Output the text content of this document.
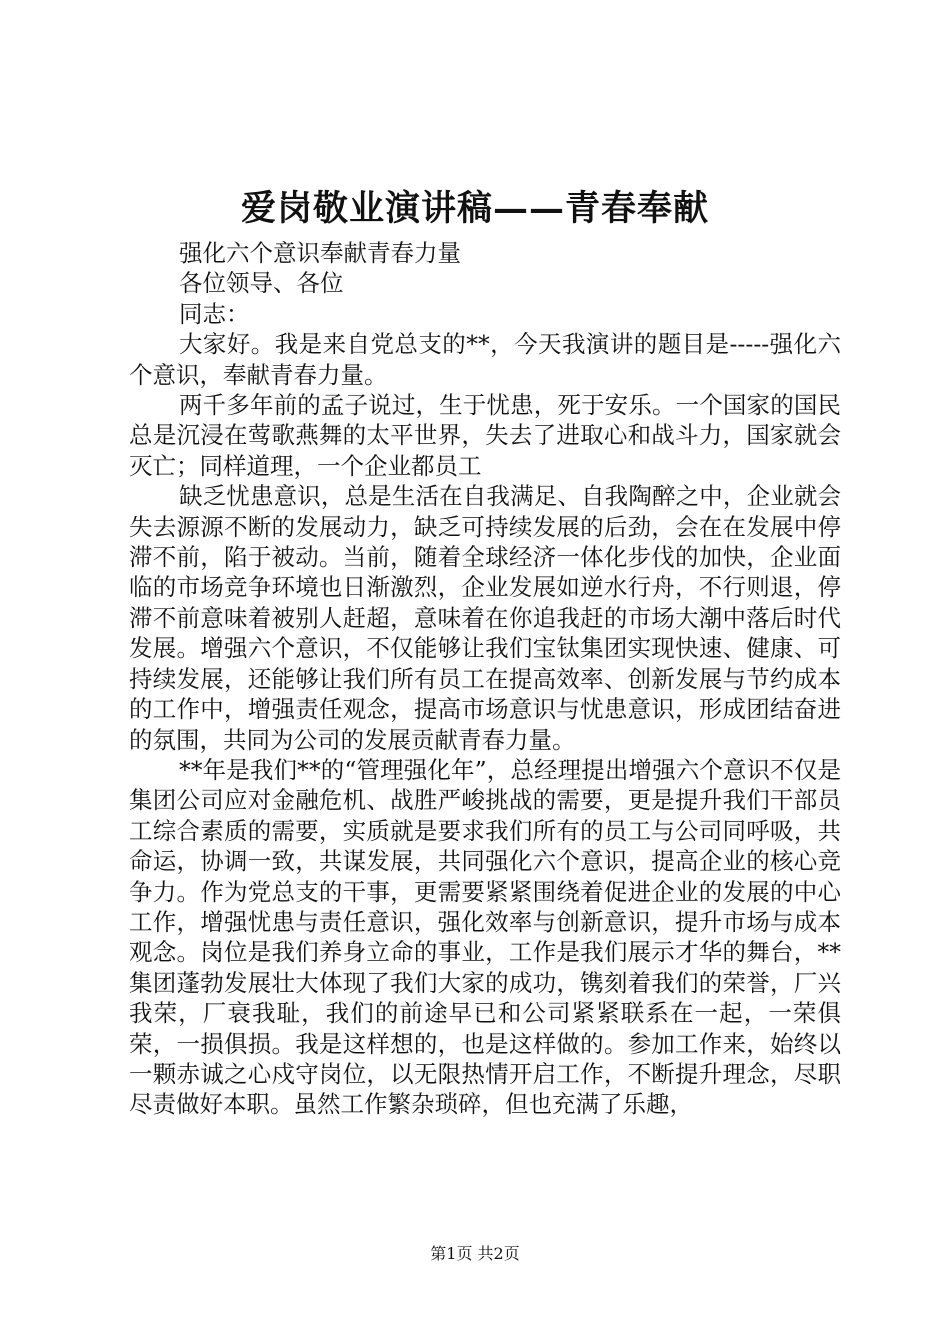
爱岗敬业演讲稿——青春奉献

强化六个意识奉献青春力量

各位领导、各位

同志：

大家好。我是来自党总支的**，今天我演讲的题目是-----强化六个意识，奉献青春力量。

两千多年前的孟子说过，生于忧患，死于安乐。一个国家的国民总是沉浸在莺歌燕舞的太平世界，失去了进取心和战斗力，国家就会灭亡；同样道理，一个企业都员工

缺乏忧患意识，总是生活在自我满足、自我陶醉之中，企业就会失去源源不断的发展动力，缺乏可持续发展的后劲，会在在发展中停滞不前，陷于被动。当前，随着全球经济一体化步伐的加快，企业面临的市场竞争环境也日渐激烈，企业发展如逆水行舟，不行则退，停滞不前意味着被别人赶超，意味着在你追我赶的市场大潮中落后时代发展。增强六个意识，不仅能够让我们宝钛集团实现快速、健康、可持续发展，还能够让我们所有员工在提高效率、创新发展与节约成本的工作中，增强责任观念，提高市场意识与忧患意识，形成团结奋进的氛围，共同为公司的发展贡献青春力量。

**年是我们**的“管理强化年”，总经理提出增强六个意识不仅是集团公司应对金融危机、战胜严峻挑战的需要，更是提升我们干部员工综合素质的需要，实质就是要求我们所有的员工与公司同呼吸，共命运，协调一致，共谋发展，共同强化六个意识，提高企业的核心竞争力。作为党总支的干事，更需要紧紧围绕着促进企业的发展的中心工作，增强忧患与责任意识，强化效率与创新意识，提升市场与成本观念。岗位是我们养身立命的事业，工作是我们展示才华的舞台，**集团蓬勃发展壮大体现了我们大家的成功，镌刻着我们的荣誉，厂兴我荣，厂衰我耻，我们的前途早已和公司紧紧联系在一起，一荣俱荣，一损俱损。我是这样想的，也是这样做的。参加工作来，始终以一颗赤诚之心戍守岗位，以无限热情开启工作，不断提升理念，尽职尽责做好本职。虽然工作繁杂琐碎，但也充满了乐趣，

第1页 共2页
